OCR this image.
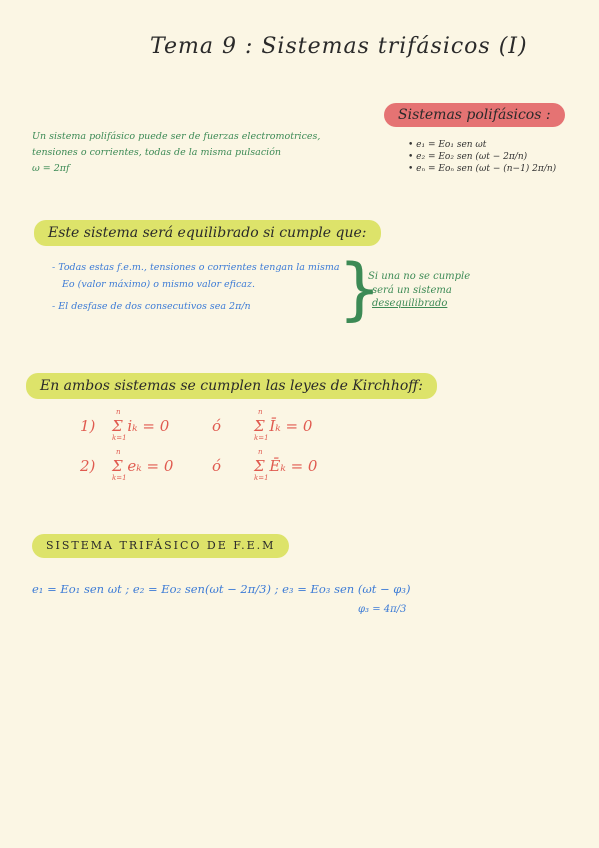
Tema 9 : Sistemas trifásicos (I)
Sistemas polifásicos :
• e₁ = Eo₁ sen ωt
• e₂ = Eo₂ sen (ωt − 2π/n)
• eₙ = Eoₙ sen (ωt − (n−1) 2π/n)
Un sistema polifásico puede ser de fuerzas electromotrices,
tensiones o corrientes, todas de la misma pulsación
ω = 2πf
Este sistema será equilibrado si cumple que:
- Todas estas f.e.m., tensiones o corrientes tengan la misma
Eo (valor máximo) o mismo valor eficaz.
- El desfase de dos consecutivos sea 2π/n }
Si una no se cumple
será un sistema
desequilibrado
En ambos sistemas se cumplen las leyes de Kirchhoff:
1)
n
Σ iₖ = 0
k=1
ó
n
Σ Īₖ = 0
k=1
2)
n
Σ eₖ = 0
k=1
ó
n
Σ Ēₖ = 0
k=1
SISTEMA TRIFÁSICO DE F.E.M
e₁ = Eo₁ sen ωt ; e₂ = Eo₂ sen(ωt − 2π/3) ; e₃ = Eo₃ sen (ωt − φ₃)
φ₃ = 4π/3
